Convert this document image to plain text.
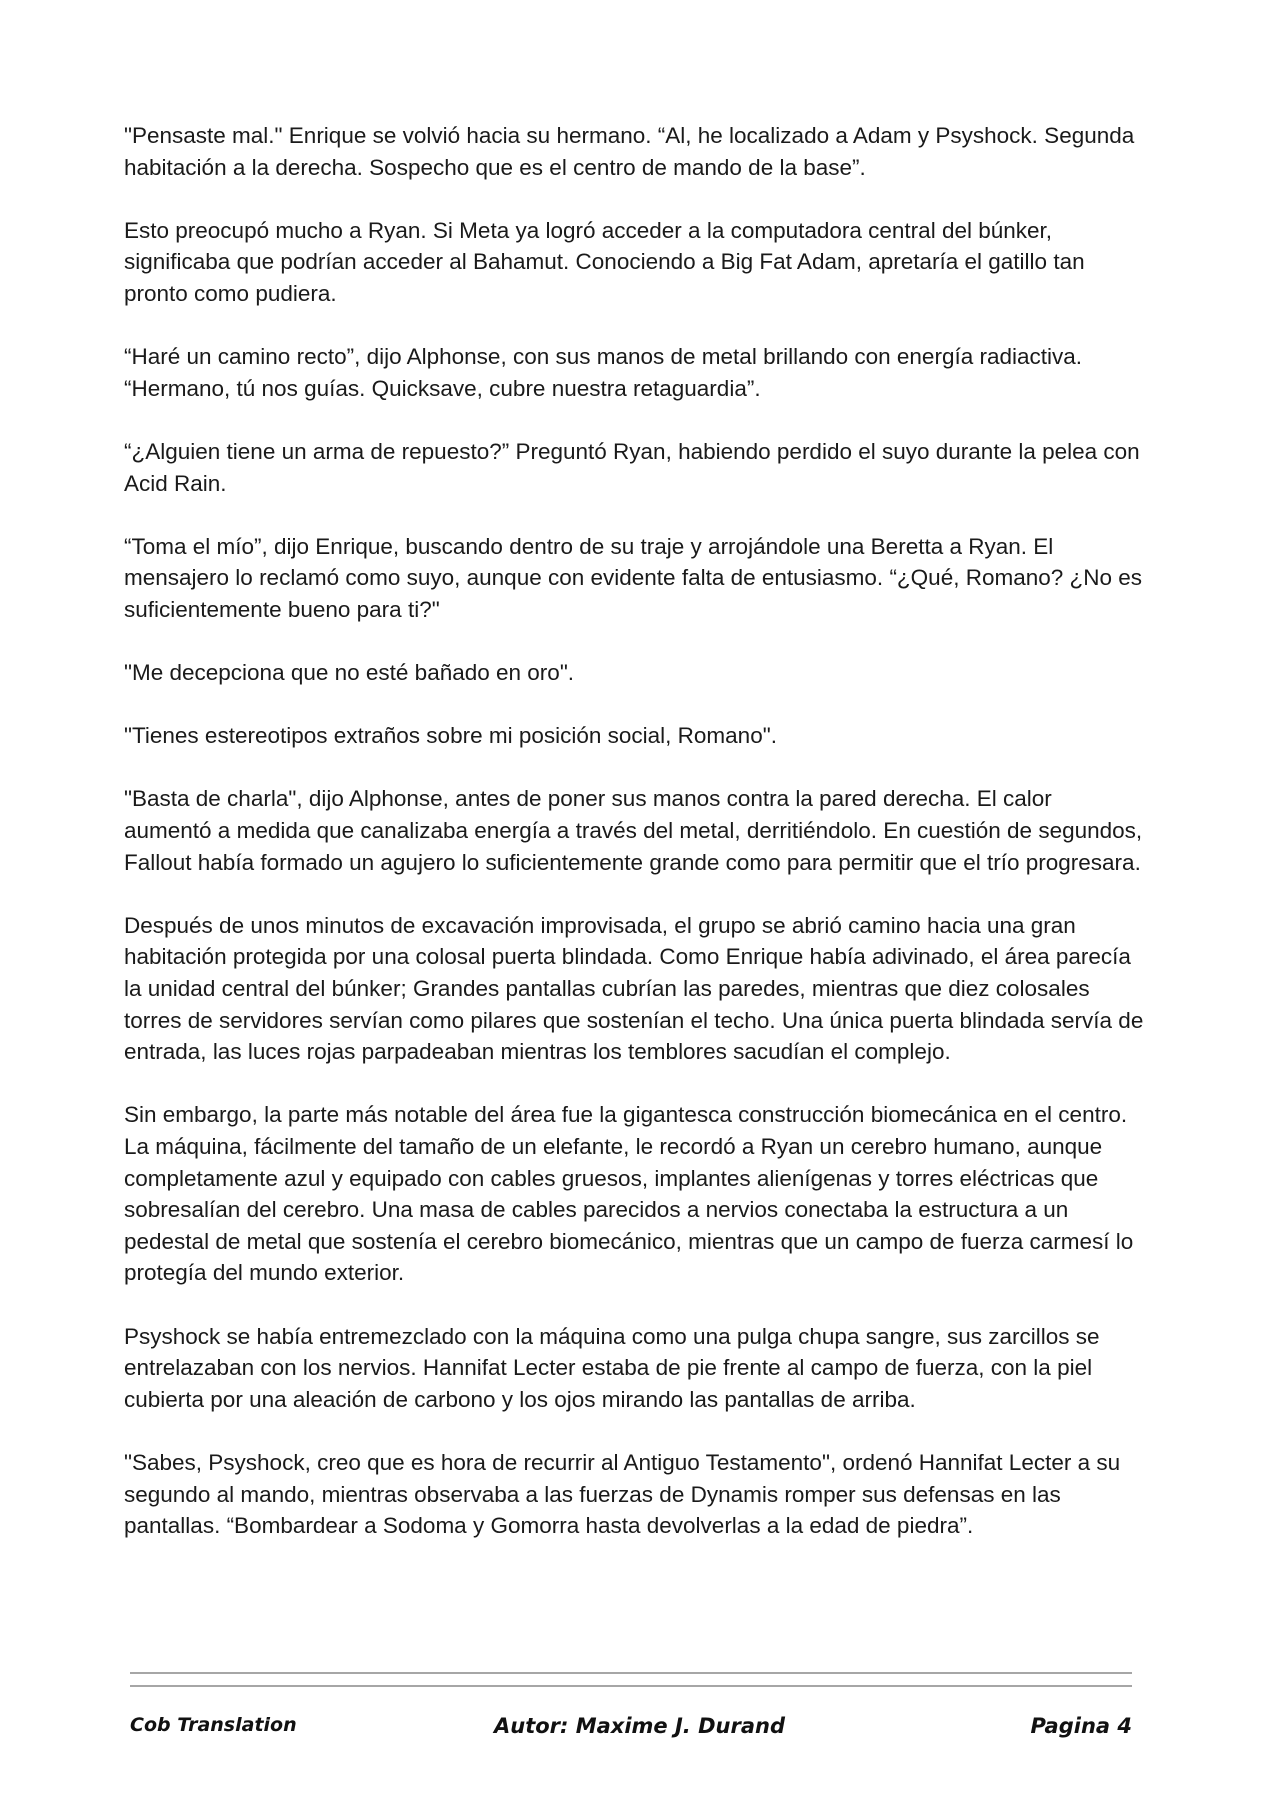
"Pensaste mal." Enrique se volvió hacia su hermano. “Al, he localizado a Adam y Psyshock. Segunda habitación a la derecha. Sospecho que es el centro de mando de la base”.

Esto preocupó mucho a Ryan. Si Meta ya logró acceder a la computadora central del búnker, significaba que podrían acceder al Bahamut. Conociendo a Big Fat Adam, apretaría el gatillo tan pronto como pudiera.

“Haré un camino recto”, dijo Alphonse, con sus manos de metal brillando con energía radiactiva. “Hermano, tú nos guías. Quicksave, cubre nuestra retaguardia”.

“¿Alguien tiene un arma de repuesto?” Preguntó Ryan, habiendo perdido el suyo durante la pelea con Acid Rain.

“Toma el mío”, dijo Enrique, buscando dentro de su traje y arrojándole una Beretta a Ryan. El mensajero lo reclamó como suyo, aunque con evidente falta de entusiasmo. “¿Qué, Romano? ¿No es suficientemente bueno para ti?"

"Me decepciona que no esté bañado en oro".

"Tienes estereotipos extraños sobre mi posición social, Romano".

"Basta de charla", dijo Alphonse, antes de poner sus manos contra la pared derecha. El calor aumentó a medida que canalizaba energía a través del metal, derritiéndolo. En cuestión de segundos, Fallout había formado un agujero lo suficientemente grande como para permitir que el trío progresara.

Después de unos minutos de excavación improvisada, el grupo se abrió camino hacia una gran habitación protegida por una colosal puerta blindada. Como Enrique había adivinado, el área parecía la unidad central del búnker; Grandes pantallas cubrían las paredes, mientras que diez colosales torres de servidores servían como pilares que sostenían el techo. Una única puerta blindada servía de entrada, las luces rojas parpadeaban mientras los temblores sacudían el complejo.

Sin embargo, la parte más notable del área fue la gigantesca construcción biomecánica en el centro. La máquina, fácilmente del tamaño de un elefante, le recordó a Ryan un cerebro humano, aunque completamente azul y equipado con cables gruesos, implantes alienígenas y torres eléctricas que sobresalían del cerebro. Una masa de cables parecidos a nervios conectaba la estructura a un pedestal de metal que sostenía el cerebro biomecánico, mientras que un campo de fuerza carmesí lo protegía del mundo exterior.

Psyshock se había entremezclado con la máquina como una pulga chupa sangre, sus zarcillos se entrelazaban con los nervios. Hannifat Lecter estaba de pie frente al campo de fuerza, con la piel cubierta por una aleación de carbono y los ojos mirando las pantallas de arriba.

"Sabes, Psyshock, creo que es hora de recurrir al Antiguo Testamento", ordenó Hannifat Lecter a su segundo al mando, mientras observaba a las fuerzas de Dynamis romper sus defensas en las pantallas. “Bombardear a Sodoma y Gomorra hasta devolverlas a la edad de piedra”.

Cob Translation	Autor: Maxime J. Durand	Pagina 4
